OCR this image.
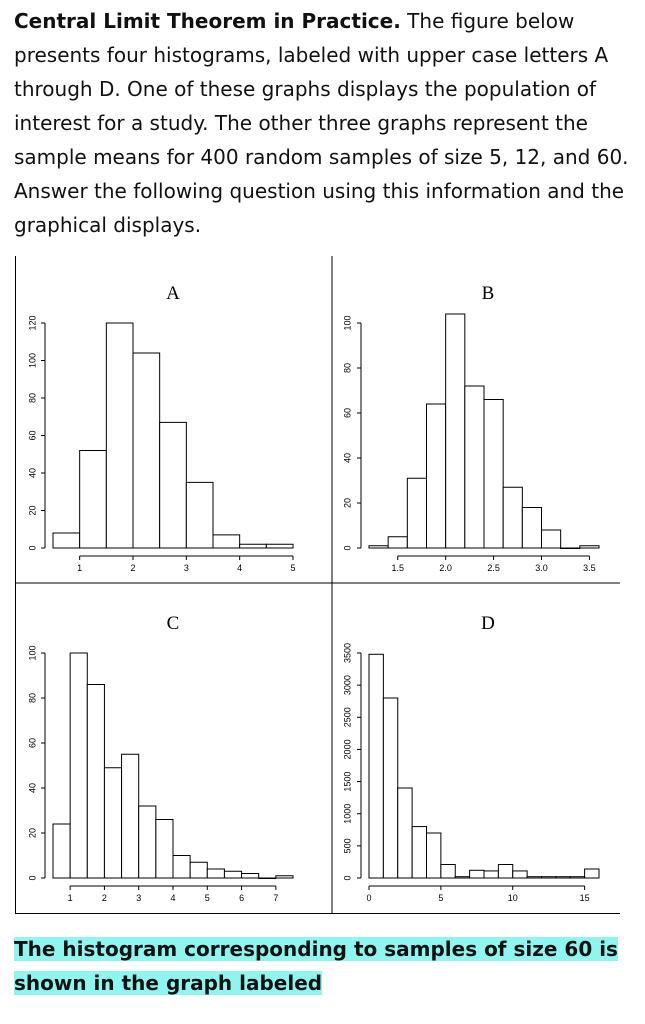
Central Limit Theorem in Practice. The figure below presents four histograms, labeled with upper case letters A through D. One of these graphs displays the population of interest for a study. The other three graphs represent the sample means for 400 random samples of size 5, 12, and 60. Answer the following question using this information and the graphical displays.

A
1	2	3	4	5
0
20
40
60
80
100
120
B
1.5	2.0	2.5	3.0	3.5
0
20
40
60
80
100
C
1	2	3	4	5	6	7
0
20
40
60
80
100
D
0	5	10	15
0
500
1000
1500
2000
2500
3000
3500

The histogram corresponding to samples of size 60 is shown in the graph labeled
